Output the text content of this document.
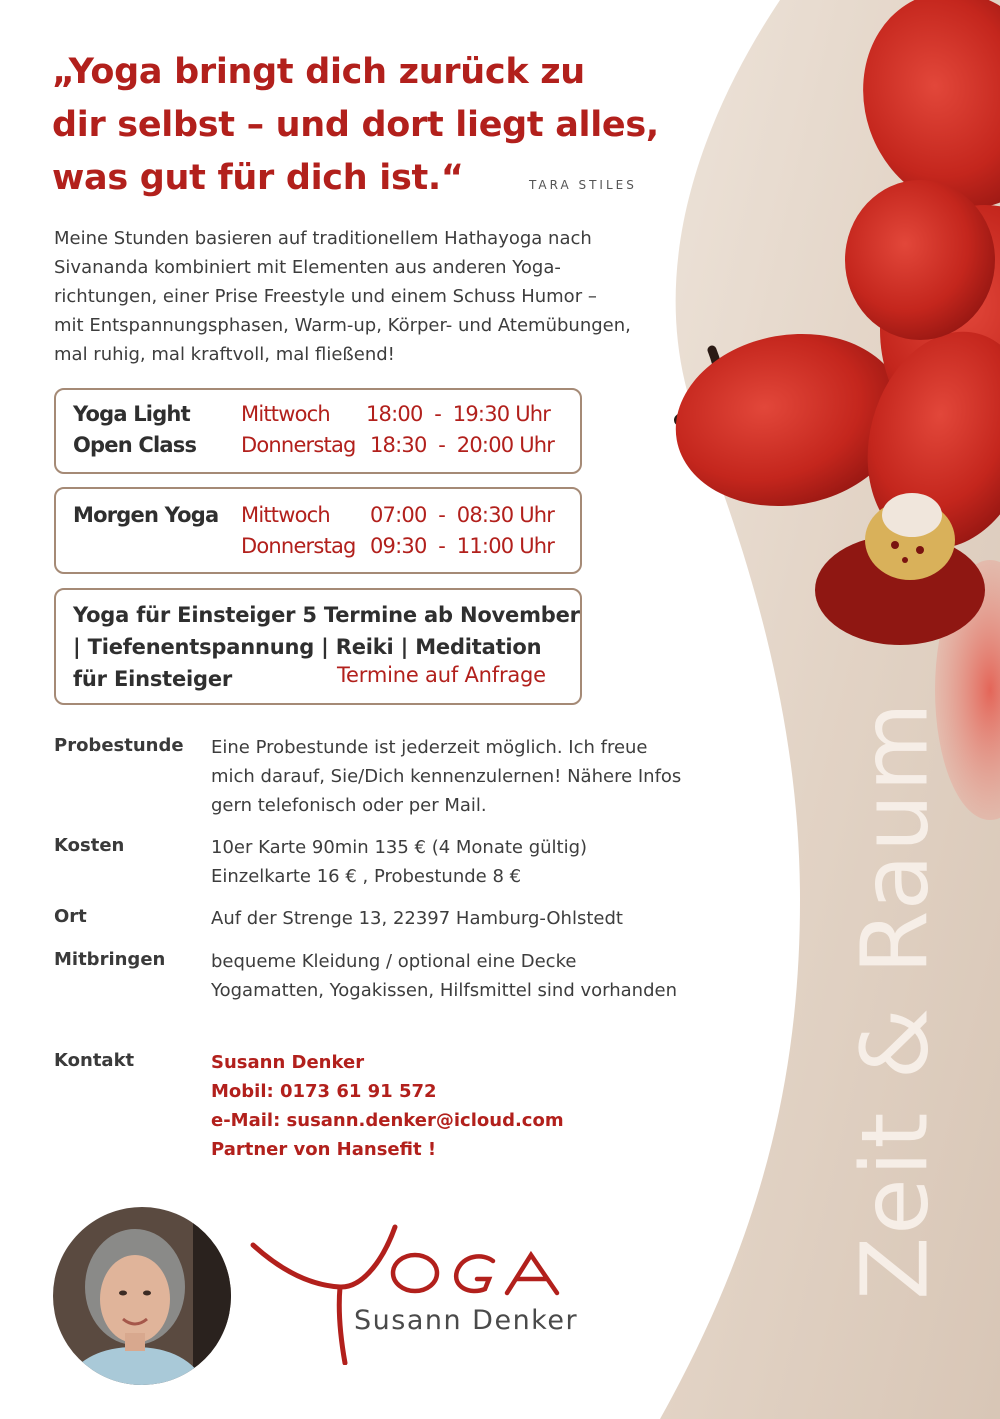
„Yoga bringt dich zurück zu
dir selbst – und dort liegt alles,
was gut für dich ist.“	TARA STILES
Meine Stunden basieren auf traditionellem Hathayoga nach
Sivananda kombiniert mit Elementen aus anderen Yoga-
richtungen, einer Prise Freestyle und einem Schuss Humor –
mit Entspannungsphasen, Warm-up, Körper- und Atemübungen,
mal ruhig, mal kraftvoll, mal fließend!
Yoga Light Mittwoch 18:00  -  19:30 Uhr
Open Class Donnerstag 18:30  -  20:00 Uhr
Morgen Yoga Mittwoch 07:00  -  08:30 Uhr
Donnerstag 09:30  -  11:00 Uhr
Yoga für Einsteiger 5 Termine ab November
| Tiefenentspannung | Reiki | Meditation
für Einsteiger	Termine auf Anfrage
Probestunde Eine Probestunde ist jederzeit möglich. Ich freue
mich darauf, Sie/Dich kennenzulernen! Nähere Infos
gern telefonisch oder per Mail.
Kosten	10er Karte 90min 135 € (4 Monate gültig)
Einzelkarte 16 € , Probestunde 8 €
Ort	Auf der Strenge 13, 22397 Hamburg-Ohlstedt
Mitbringen	bequeme Kleidung / optional eine Decke
Yogamatten, Yogakissen, Hilfsmittel sind vorhanden
Kontakt	Susann Denker
Mobil: 0173 61 91 572
e-Mail: susann.denker@icloud.com
Partner von Hansefit !
Susann Denker
Zeit & Raum
